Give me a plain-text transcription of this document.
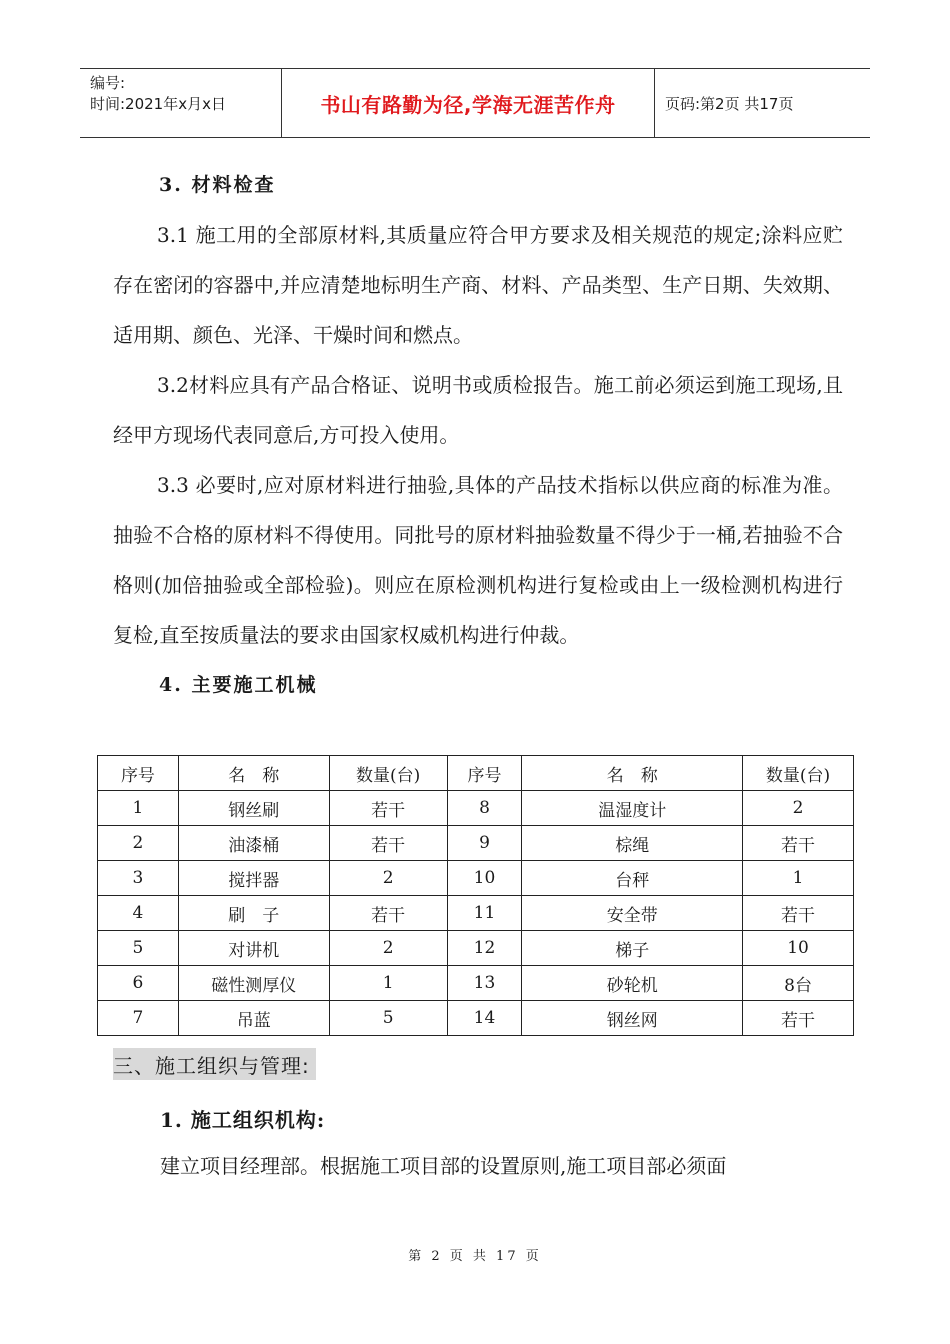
编号:
时间:2021年x月x日	书山有路勤为径,学海无涯苦作舟	页码:第2页 共17页

3. 材料检查

3.1 施工用的全部原材料,其质量应符合甲方要求及相关规范的规定;涂料应贮存在密闭的容器中,并应清楚地标明生产商、材料、产品类型、生产日期、失效期、适用期、颜色、光泽、干燥时间和燃点。

3.2材料应具有产品合格证、说明书或质检报告。施工前必须运到施工现场,且经甲方现场代表同意后,方可投入使用。

3.3 必要时,应对原材料进行抽验,具体的产品技术指标以供应商的标准为准。抽验不合格的原材料不得使用。同批号的原材料抽验数量不得少于一桶,若抽验不合格则(加倍抽验或全部检验)。则应在原检测机构进行复检或由上一级检测机构进行复检,直至按质量法的要求由国家权威机构进行仲裁。

4. 主要施工机械

序号	名　称	数量(台)	序号	名　称	数量(台)
1	钢丝刷	若干	8	温湿度计	2
2	油漆桶	若干	9	棕绳	若干
3	搅拌器	2	10	台秤	1
4	刷　子	若干	11	安全带	若干
5	对讲机	2	12	梯子	10
6	磁性测厚仪	1	13	砂轮机	8台
7	吊蓝	5	14	钢丝网	若干
三、施工组织与管理:
1. 施工组织机构:
建立项目经理部。根据施工项目部的设置原则,施工项目部必须面
第 2 页 共 17 页
